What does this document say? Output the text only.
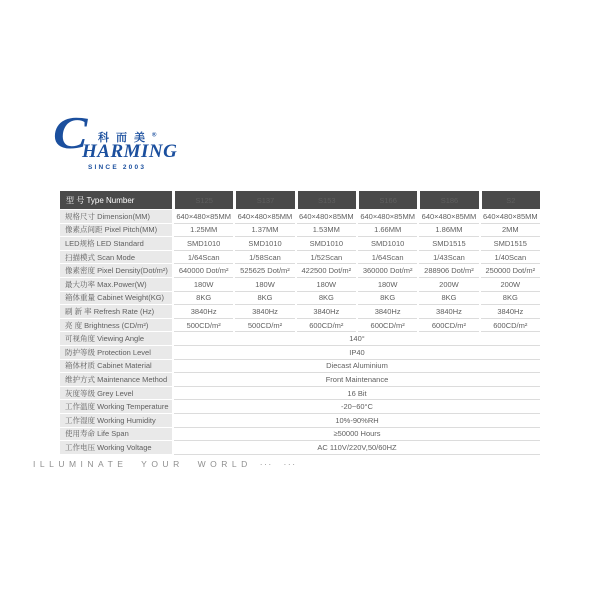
C 科而美®
HARMING
SINCE 2003
型 号 Type Number	S125	S137	S153	S166	S186	S2
规格尺寸 Dimension(MM)	640×480×85MM 640×480×85MM 640×480×85MM 640×480×85MM 640×480×85MM 640×480×85MM
像素点间距 Pixel Pitch(MM)	1.25MM	1.37MM	1.53MM	1.66MM	1.86MM	2MM
LED规格 LED Standard	SMD1010	SMD1010	SMD1010	SMD1010	SMD1515	SMD1515
扫描模式 Scan Mode	1/64Scan	1/58Scan	1/52Scan	1/64Scan	1/43Scan	1/40Scan
像素密度 Pixel Density(Dot/m²)	640000 Dot/m²	525625 Dot/m²	422500 Dot/m²	360000 Dot/m²	288906 Dot/m²	250000 Dot/m²
最大功率 Max.Power(W)	180W	180W	180W	180W	200W	200W
箱体重量 Cabinet Weight(KG)	8KG	8KG	8KG	8KG	8KG	8KG
刷 新 率 Refresh Rate (Hz)	3840Hz	3840Hz	3840Hz	3840Hz	3840Hz	3840Hz
亮 度 Brightness (CD/m²)	500CD/m²	500CD/m²	600CD/m²	600CD/m²	600CD/m²	600CD/m²
可视角度 Viewing Angle	140°
防护等级 Protection Level	IP40
箱体材质 Cabinet Material	Diecast Aluminium
维护方式 Maintenance Method	Front Maintenance
灰度等级 Grey Level	16 Bit
工作温度 Working Temperature	-20~60°C
工作湿度 Working Humidity	10%-90%RH
使用寿命 Life Span	≥50000 Hours
工作电压 Working Voltage	AC 110V/220V,50/60HZ
ILLUMINATE YOUR WORLD ··· ···
